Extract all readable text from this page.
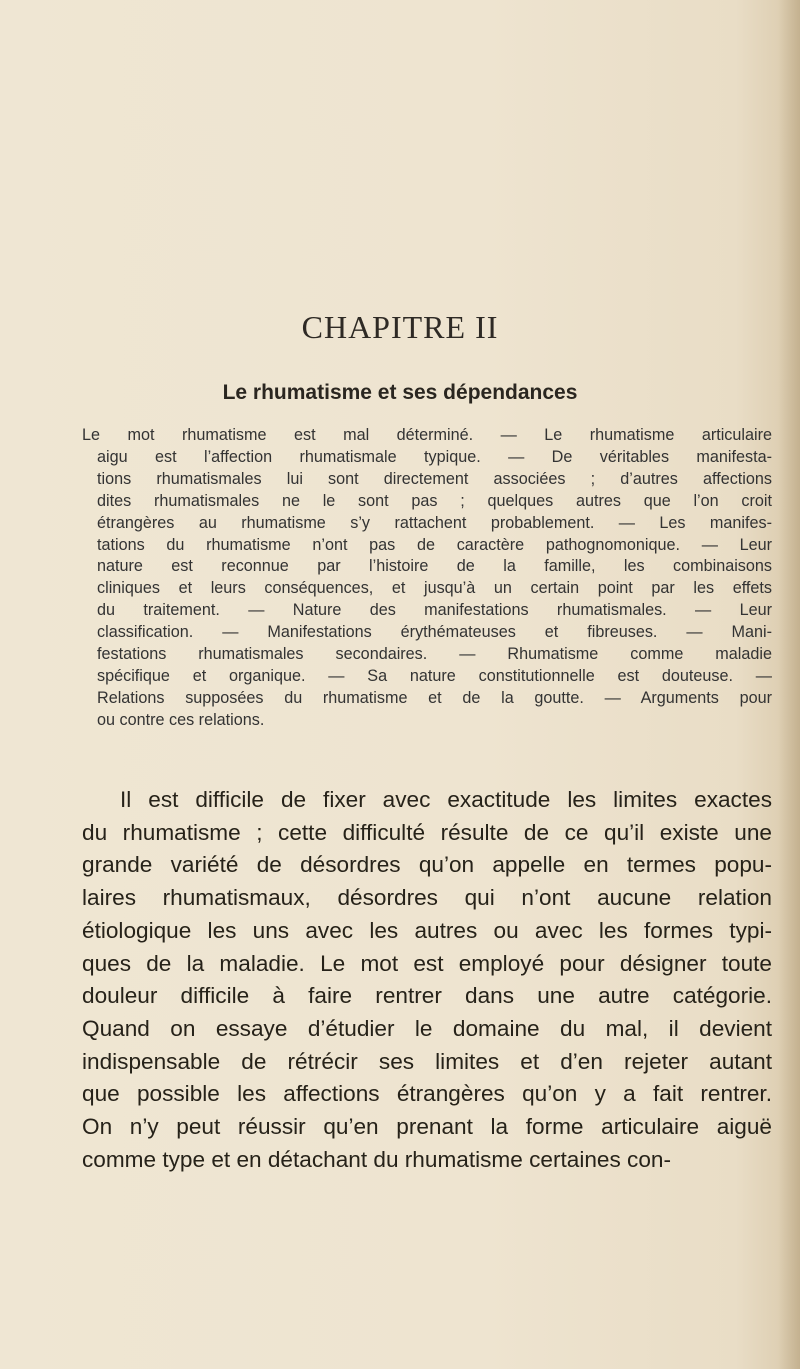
CHAPITRE II
Le rhumatisme et ses dépendances
Le mot rhumatisme est mal déterminé. — Le rhumatisme articulaire
aigu est l’affection rhumatismale typique. — De véritables manifesta-
tions rhumatismales lui sont directement associées ; d’autres affections
dites rhumatismales ne le sont pas ; quelques autres que l’on croit
étrangères au rhumatisme s’y rattachent probablement. — Les manifes-
tations du rhumatisme n’ont pas de caractère pathognomonique. — Leur
nature est reconnue par l’histoire de la famille, les combinaisons
cliniques et leurs conséquences, et jusqu’à un certain point par les effets
du traitement. — Nature des manifestations rhumatismales. — Leur
classification. — Manifestations érythémateuses et fibreuses. — Mani-
festations rhumatismales secondaires. — Rhumatisme comme maladie
spécifique et organique. — Sa nature constitutionnelle est douteuse. —
Relations supposées du rhumatisme et de la goutte. — Arguments pour
ou contre ces relations.
Il est difficile de fixer avec exactitude les limites exactes
du rhumatisme ; cette difficulté résulte de ce qu’il existe une
grande variété de désordres qu’on appelle en termes popu-
laires rhumatismaux, désordres qui n’ont aucune relation
étiologique les uns avec les autres ou avec les formes typi-
ques de la maladie. Le mot est employé pour désigner toute
douleur difficile à faire rentrer dans une autre catégorie.
Quand on essaye d’étudier le domaine du mal, il devient
indispensable de rétrécir ses limites et d’en rejeter autant
que possible les affections étrangères qu’on y a fait rentrer.
On n’y peut réussir qu’en prenant la forme articulaire aiguë
comme type et en détachant du rhumatisme certaines con-
